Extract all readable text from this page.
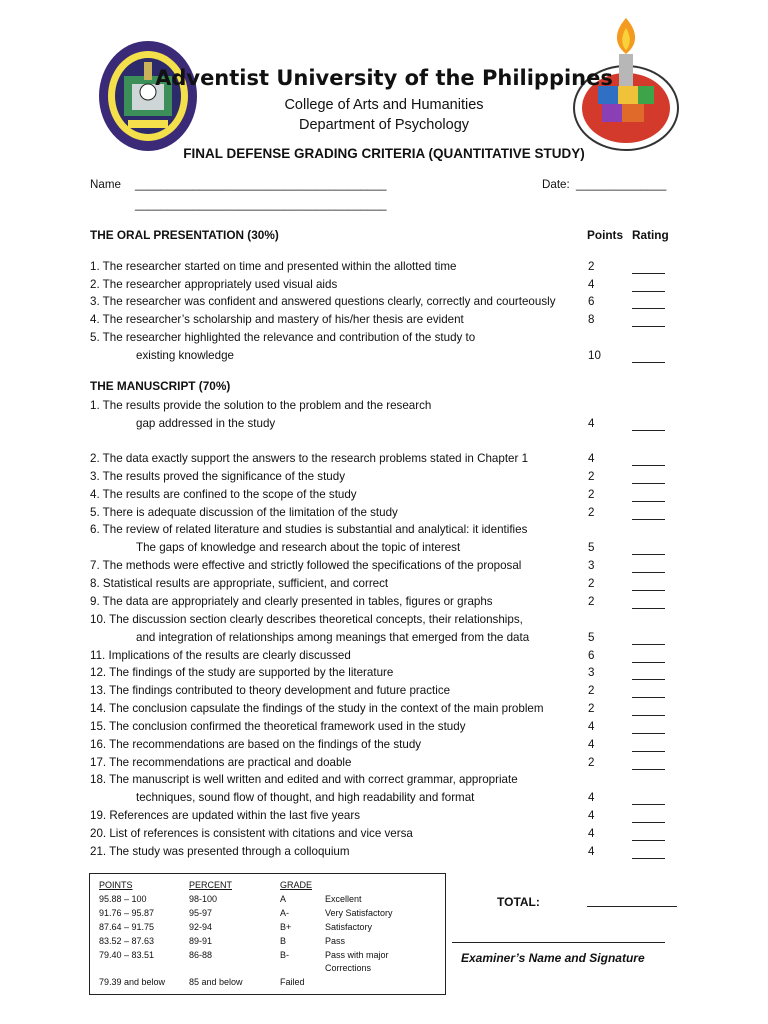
Adventist University of the Philippines
College of Arts and Humanities
Department of Psychology
FINAL DEFENSE GRADING CRITERIA (QUANTITATIVE STUDY)
Name _______________________________________
_______________________________________
Date: ______________
THE ORAL PRESENTATION (30%)	Points Rating
1. The researcher started on time and presented within the allotted time	2
2. The researcher appropriately used visual aids	4
3. The researcher was confident and answered questions clearly, correctly and courteously	6
4. The researcher’s scholarship and mastery of his/her thesis are evident	8
5. The researcher highlighted the relevance and contribution of the study to
existing knowledge	10
THE MANUSCRIPT (70%)
1. The results provide the solution to the problem and the research
gap addressed in the study	4
2. The data exactly support the answers to the research problems stated in Chapter 1	4
3. The results proved the significance of the study	2
4. The results are confined to the scope of the study	2
5. There is adequate discussion of the limitation of the study	2
6. The review of related literature and studies is substantial and analytical: it identifies
The gaps of knowledge and research about the topic of interest	5
7. The methods were effective and strictly followed the specifications of the proposal	3
8. Statistical results are appropriate, sufficient, and correct	2
9. The data are appropriately and clearly presented in tables, figures or graphs	2
10. The discussion section clearly describes theoretical concepts, their relationships,
and integration of relationships among meanings that emerged from the data	5
11. Implications of the results are clearly discussed	6
12. The findings of the study are supported by the literature	3
13. The findings contributed to theory development and future practice	2
14. The conclusion capsulate the findings of the study in the context of the main problem	2
15. The conclusion confirmed the theoretical framework used in the study	4
16. The recommendations are based on the findings of the study	4
17. The recommendations are practical and doable	2
18. The manuscript is well written and edited and with correct grammar, appropriate
techniques, sound flow of thought, and high readability and format	4
19. References are updated within the last five years	4
20. List of references is consistent with citations and vice versa	4
21. The study was presented through a colloquium	4
POINTS	PERCENT	GRADE
95.88 – 100	98-100	A	Excellent
91.76 – 95.87	95-97	A-	Very Satisfactory
87.64 – 91.75	92-94	B+	Satisfactory
83.52 – 87.63	89-91	B	Pass
79.40 – 83.51	86-88	B-	Pass with major
Corrections
79.39 and below	85 and below	Failed
TOTAL:
Examiner’s Name and Signature
